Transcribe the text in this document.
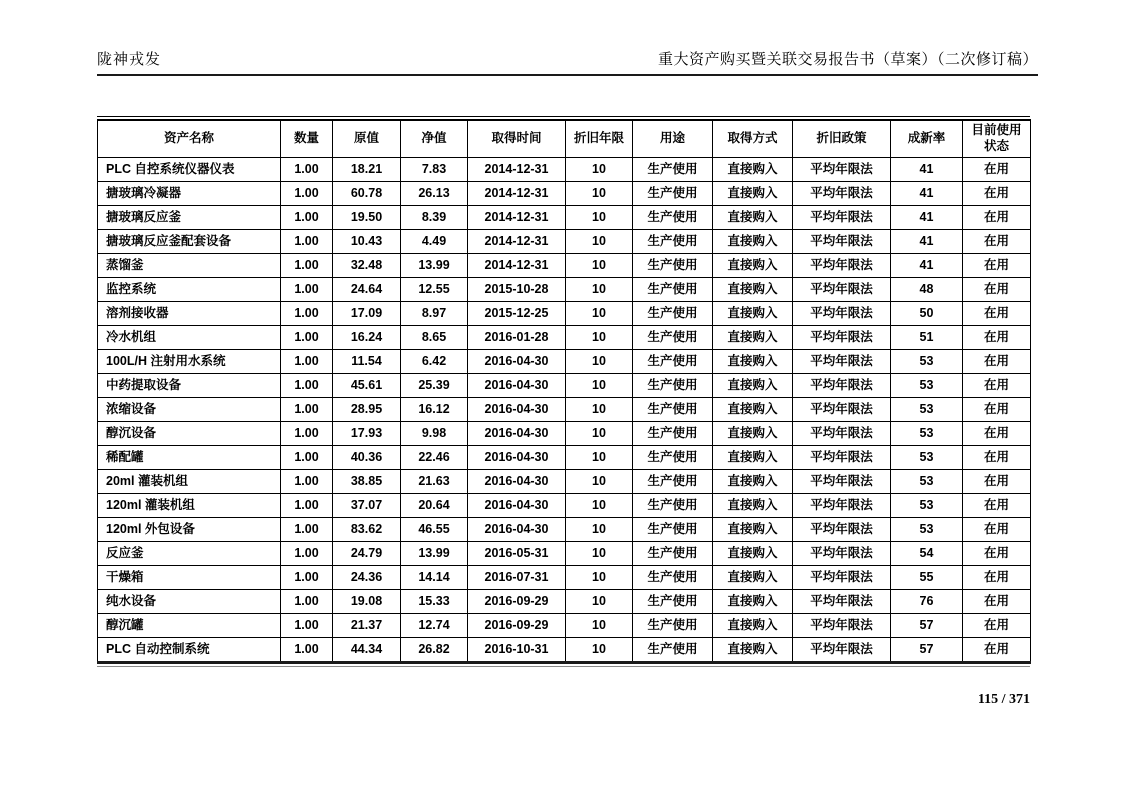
陇神戎发	重大资产购买暨关联交易报告书（草案）（二次修订稿）
资产名称	数量	原值	净值	取得时间	折旧年限	用途	取得方式	折旧政策	成新率	目前使用状态
PLC 自控系统仪器仪表	1.00	18.21	7.83	2014-12-31	10	生产使用	直接购入	平均年限法	41	在用
搪玻璃冷凝器	1.00	60.78	26.13	2014-12-31	10	生产使用	直接购入	平均年限法	41	在用
搪玻璃反应釜	1.00	19.50	8.39	2014-12-31	10	生产使用	直接购入	平均年限法	41	在用
搪玻璃反应釜配套设备	1.00	10.43	4.49	2014-12-31	10	生产使用	直接购入	平均年限法	41	在用
蒸馏釜	1.00	32.48	13.99	2014-12-31	10	生产使用	直接购入	平均年限法	41	在用
监控系统	1.00	24.64	12.55	2015-10-28	10	生产使用	直接购入	平均年限法	48	在用
溶剂接收器	1.00	17.09	8.97	2015-12-25	10	生产使用	直接购入	平均年限法	50	在用
冷水机组	1.00	16.24	8.65	2016-01-28	10	生产使用	直接购入	平均年限法	51	在用
100L/H 注射用水系统	1.00	11.54	6.42	2016-04-30	10	生产使用	直接购入	平均年限法	53	在用
中药提取设备	1.00	45.61	25.39	2016-04-30	10	生产使用	直接购入	平均年限法	53	在用
浓缩设备	1.00	28.95	16.12	2016-04-30	10	生产使用	直接购入	平均年限法	53	在用
醇沉设备	1.00	17.93	9.98	2016-04-30	10	生产使用	直接购入	平均年限法	53	在用
稀配罐	1.00	40.36	22.46	2016-04-30	10	生产使用	直接购入	平均年限法	53	在用
20ml 灌装机组	1.00	38.85	21.63	2016-04-30	10	生产使用	直接购入	平均年限法	53	在用
120ml 灌装机组	1.00	37.07	20.64	2016-04-30	10	生产使用	直接购入	平均年限法	53	在用
120ml 外包设备	1.00	83.62	46.55	2016-04-30	10	生产使用	直接购入	平均年限法	53	在用
反应釜	1.00	24.79	13.99	2016-05-31	10	生产使用	直接购入	平均年限法	54	在用
干燥箱	1.00	24.36	14.14	2016-07-31	10	生产使用	直接购入	平均年限法	55	在用
纯水设备	1.00	19.08	15.33	2016-09-29	10	生产使用	直接购入	平均年限法	76	在用
醇沉罐	1.00	21.37	12.74	2016-09-29	10	生产使用	直接购入	平均年限法	57	在用
PLC 自动控制系统	1.00	44.34	26.82	2016-10-31	10	生产使用	直接购入	平均年限法	57	在用
115 / 371
